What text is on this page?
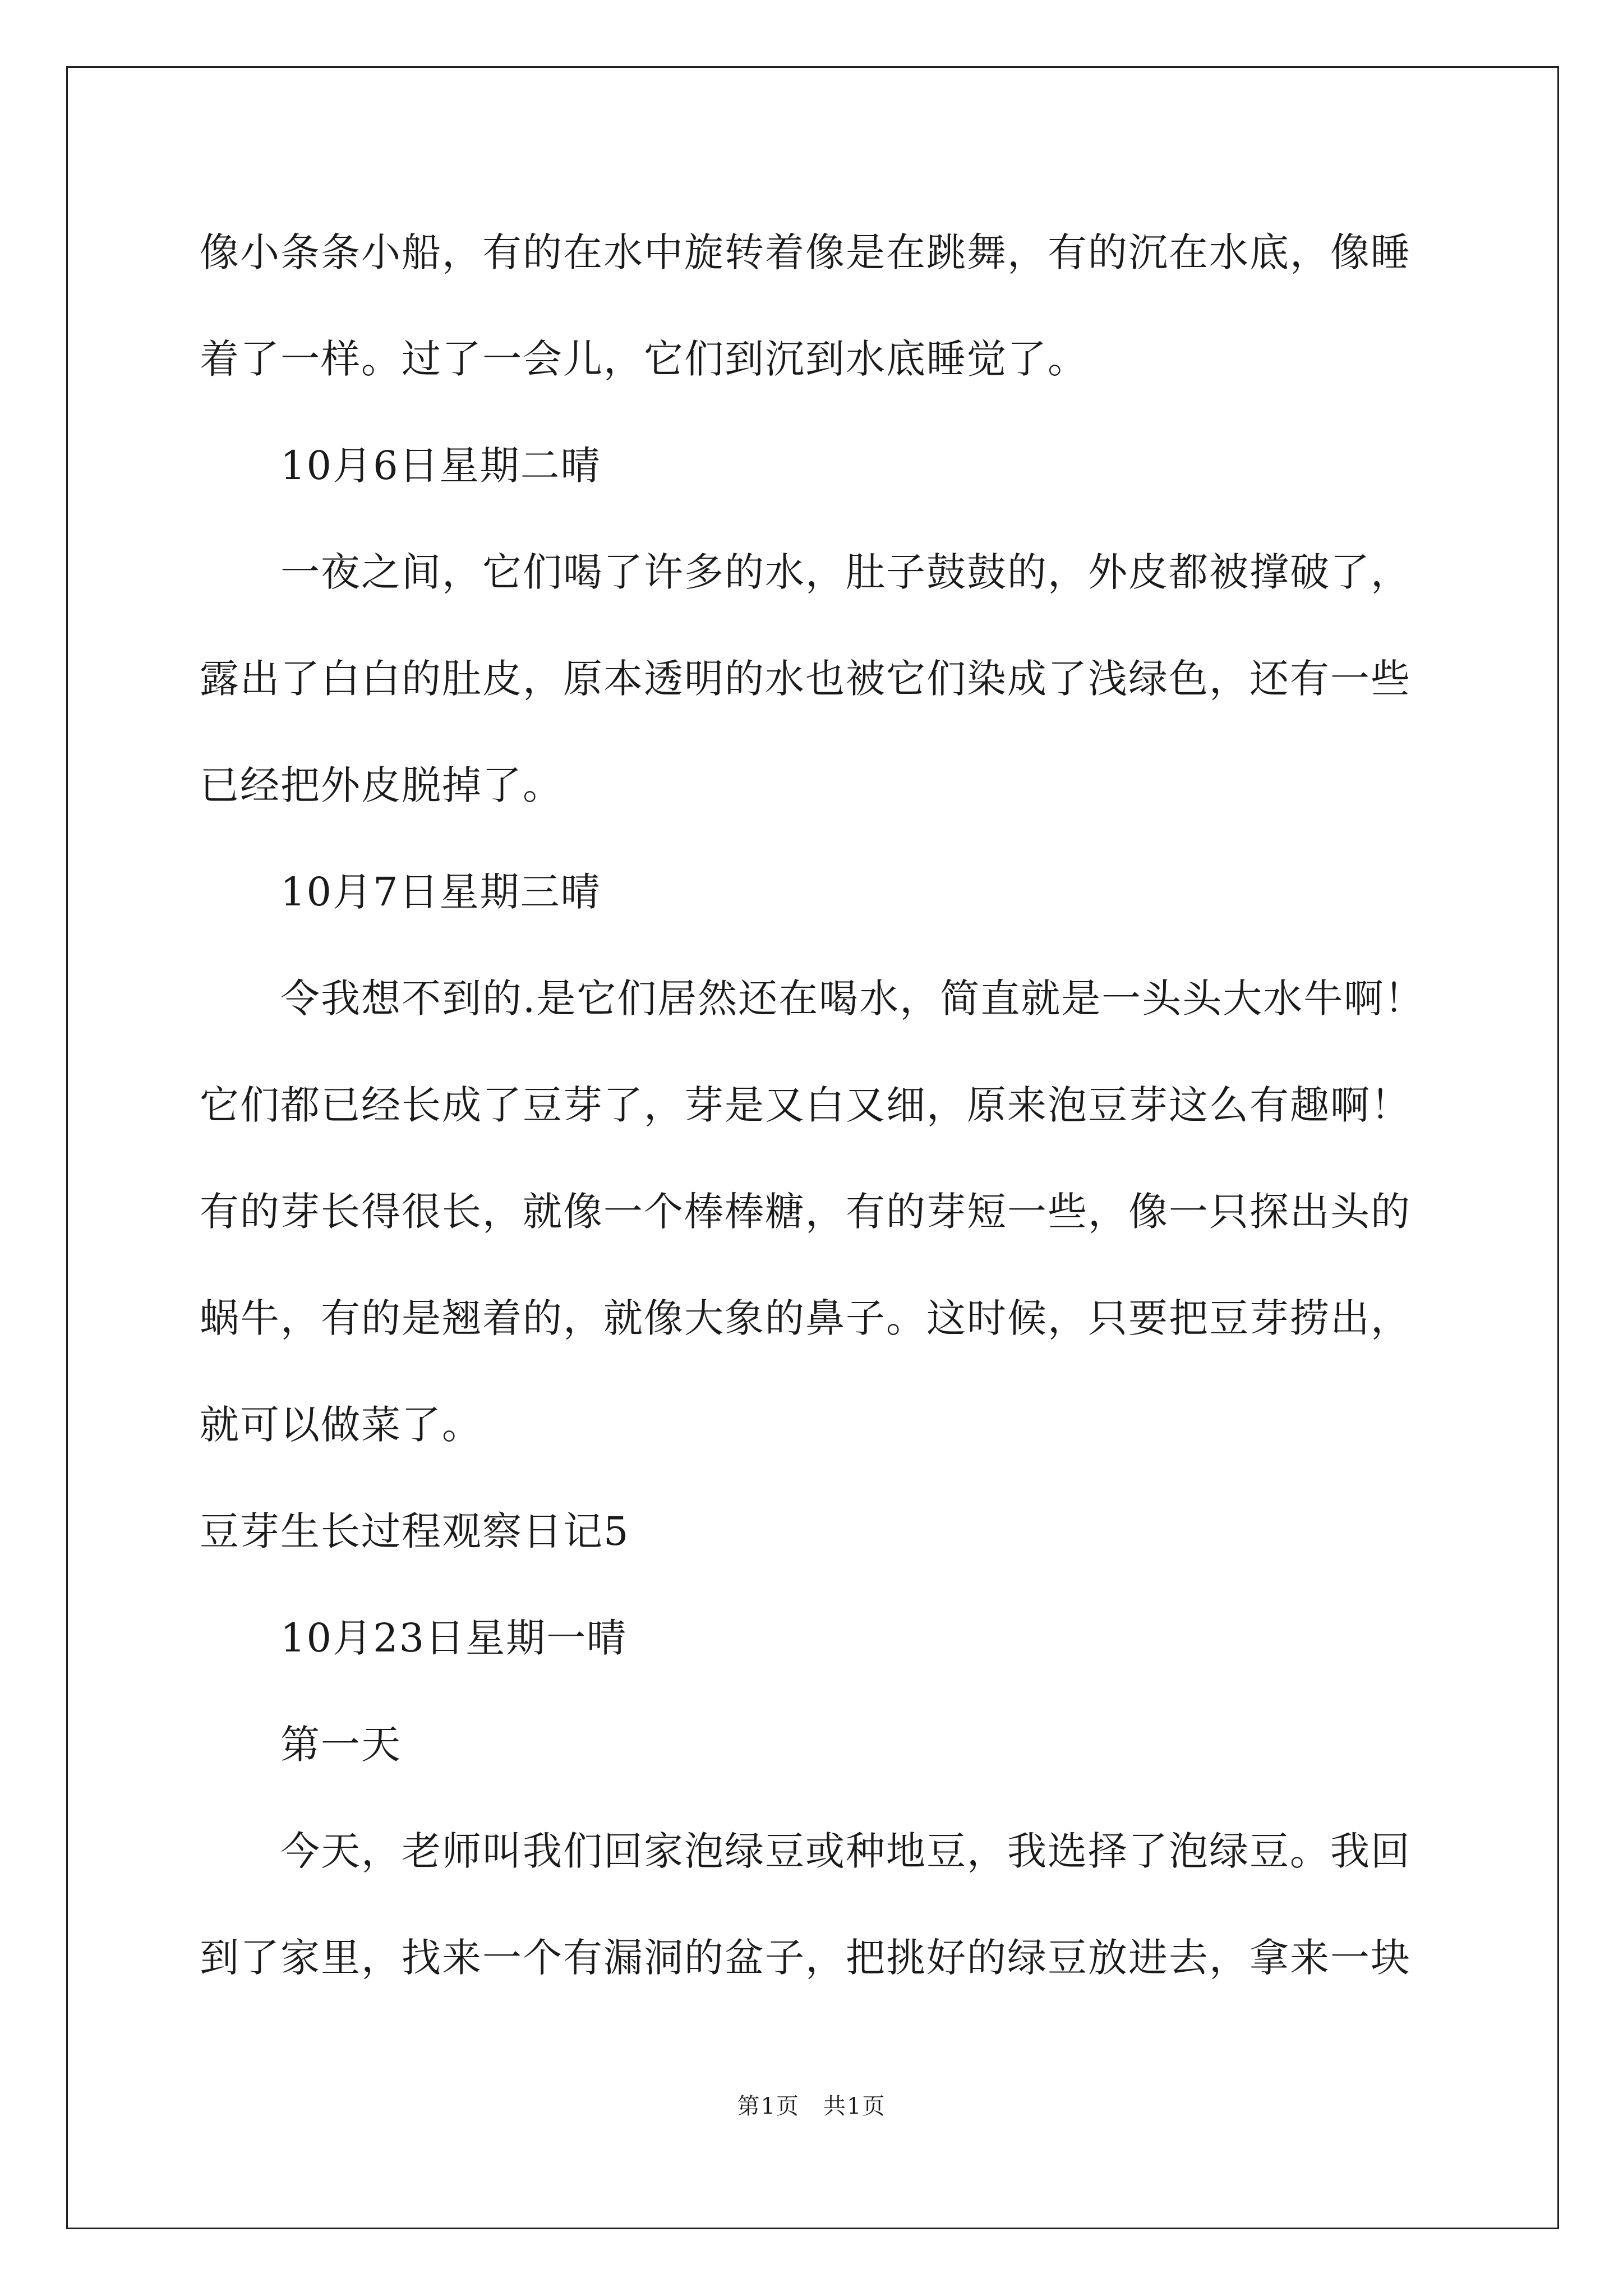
像小条条小船，有的在水中旋转着像是在跳舞，有的沉在水底，像睡
着了一样。过了一会儿，它们到沉到水底睡觉了。
10月6日星期二晴
一夜之间，它们喝了许多的水，肚子鼓鼓的，外皮都被撑破了，
露出了白白的肚皮，原本透明的水也被它们染成了浅绿色，还有一些
已经把外皮脱掉了。
10月7日星期三晴
令我想不到的.是它们居然还在喝水，简直就是一头头大水牛啊！
它们都已经长成了豆芽了，芽是又白又细，原来泡豆芽这么有趣啊！
有的芽长得很长，就像一个棒棒糖，有的芽短一些，像一只探出头的
蜗牛，有的是翘着的，就像大象的鼻子。这时候，只要把豆芽捞出，
就可以做菜了。
豆芽生长过程观察日记5
10月23日星期一晴
第一天
今天，老师叫我们回家泡绿豆或种地豆，我选择了泡绿豆。我回
到了家里，找来一个有漏洞的盆子，把挑好的绿豆放进去，拿来一块
第1页 共1页
